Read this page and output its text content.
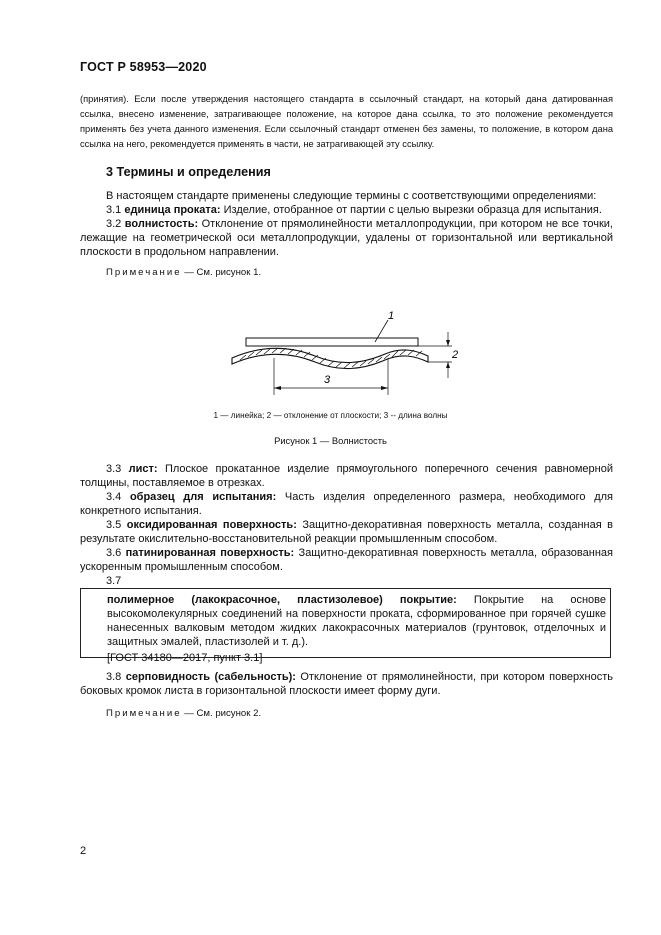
ГОСТ Р 58953—2020
(принятия). Если после утверждения настоящего стандарта в ссылочный стандарт, на который дана датированная ссылка, внесено изменение, затрагивающее положение, на которое дана ссылка, то это положение рекомендуется применять без учета данного изменения. Если ссылочный стандарт отменен без замены, то положение, в котором дана ссылка на него, рекомендуется применять в части, не затрагивающей эту ссылку.
3 Термины и определения

В настоящем стандарте применены следующие термины с соответствующими определениями:

3.1 единица проката: Изделие, отобранное от партии с целью вырезки образца для испытания.

3.2 волнистость: Отклонение от прямолинейности металлопродукции, при котором не все точки, лежащие на геометрической оси металлопродукции, удалены от горизонтальной или вертикальной плоскости в продольном направлении.

Примечание — См. рисунок 1.

1
2
3
1 — линейка; 2 — отклонение от плоскости; 3 -- длина волны
Рисунок 1 — Волнистость

3.3 лист: Плоское прокатанное изделие прямоугольного поперечного сечения равномерной толщины, поставляемое в отрезках.

3.4 образец для испытания: Часть изделия определенного размера, необходимого для конкретного испытания.

3.5 оксидированная поверхность: Защитно-декоративная поверхность металла, созданная в результате окислительно-восстановительной реакции промышленным способом.

3.6 патинированная поверхность: Защитно-декоративная поверхность металла, образованная ускоренным промышленным способом.

3.7

полимерное (лакокрасочное, пластизолевое) покрытие: Покрытие на основе высокомолекулярных соединений на поверхности проката, сформированное при горячей сушке нанесенных валковым методом жидких лакокрасочных материалов (грунтовок, отделочных и защитных эмалей, пластизолей и т. д.).

[ГОСТ 34180—2017, пункт 3.1]

3.8 серповидность (сабельность): Отклонение от прямолинейности, при котором поверхность боковых кромок листа в горизонтальной плоскости имеет форму дуги.

Примечание — См. рисунок 2.

2
